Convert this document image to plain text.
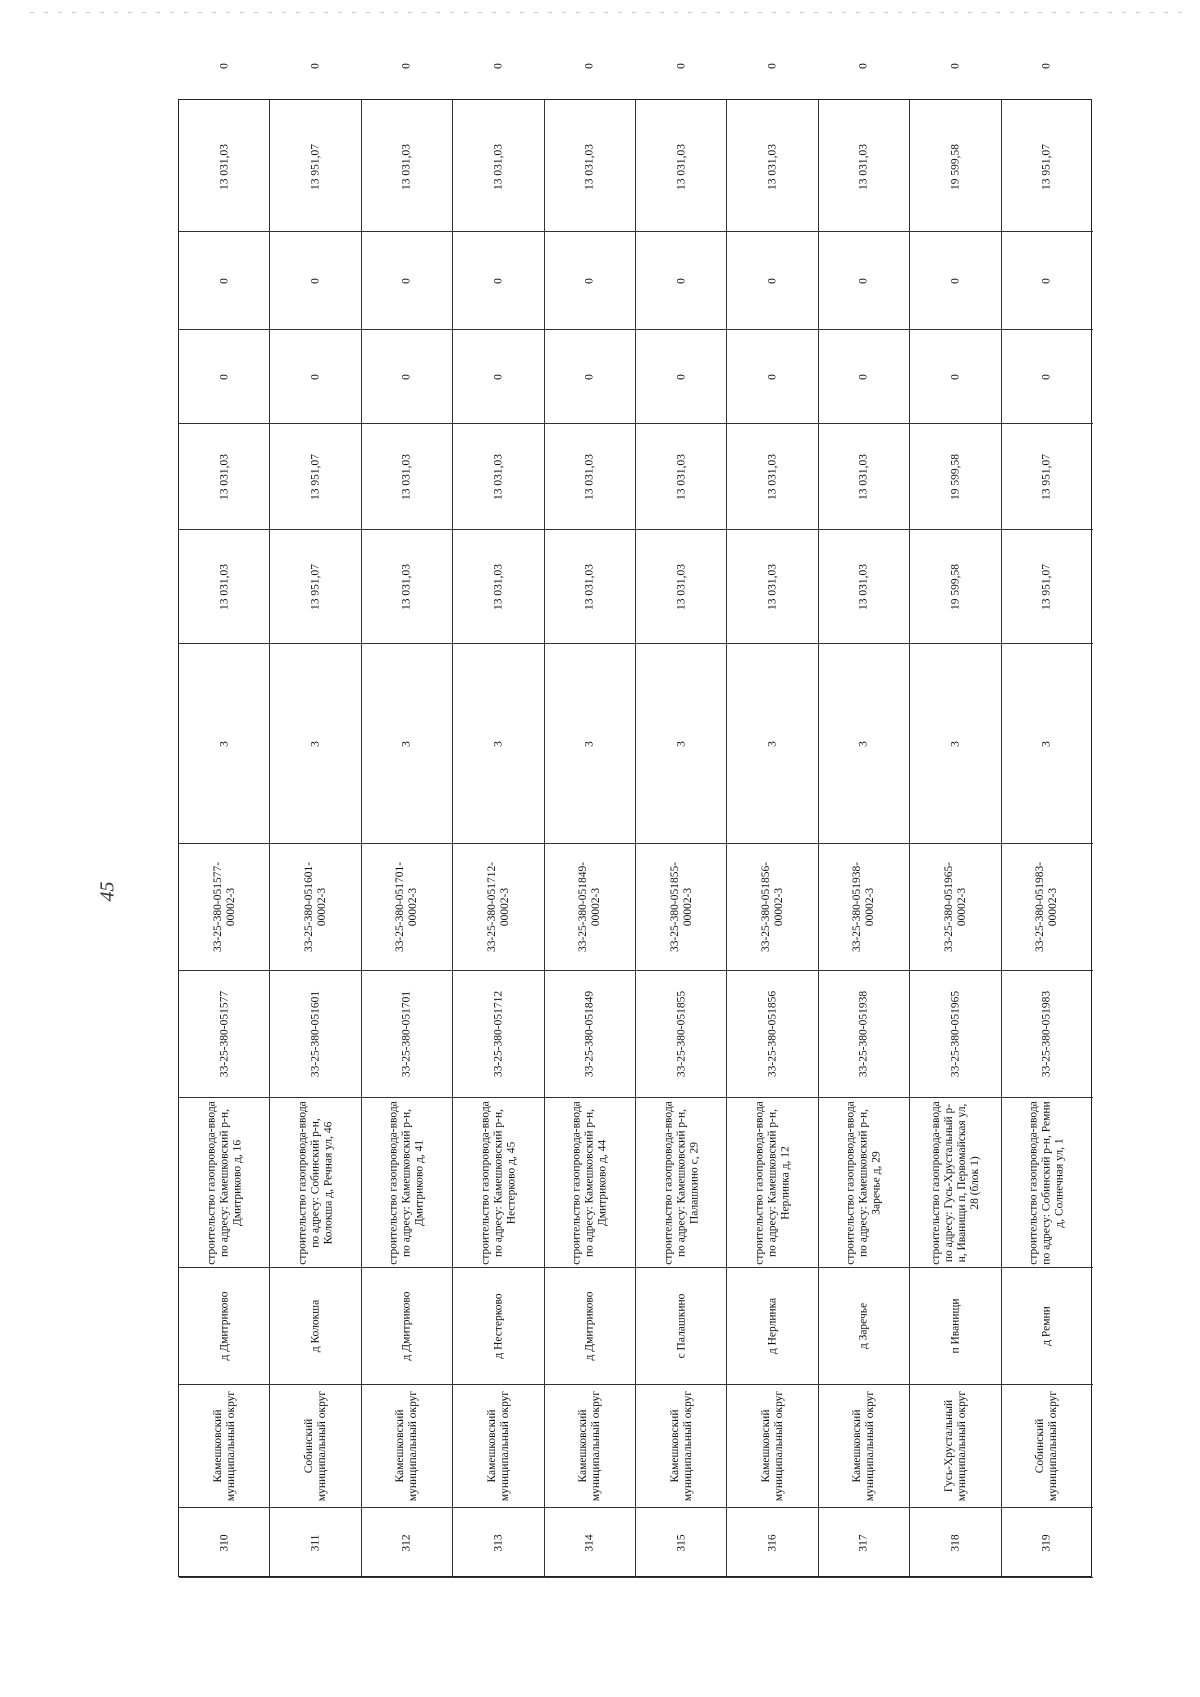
45
310
Камешковский муниципальный округ
д Дмитриково
строительство газопровода-ввода по адресу: Камешковский р-н, Дмитриково д, 16
33-25-380-051577
33-25-380-051577-00002-3
3
13 031,03
13 031,03
0
0
13 031,03
0
311
Собинский муниципальный округ
д Колокша
строительство газопровода-ввода по адресу: Собинский р-н, Колокша д, Речная ул, 46
33-25-380-051601
33-25-380-051601-00002-3
3
13 951,07
13 951,07
0
0
13 951,07
0
312
Камешковский муниципальный округ
д Дмитриково
строительство газопровода-ввода по адресу: Камешковский р-н, Дмитриково д, 41
33-25-380-051701
33-25-380-051701-00002-3
3
13 031,03
13 031,03
0
0
13 031,03
0
313
Камешковский муниципальный округ
д Нестерково
строительство газопровода-ввода по адресу: Камешковский р-н, Нестерково д, 45
33-25-380-051712
33-25-380-051712-00002-3
3
13 031,03
13 031,03
0
0
13 031,03
0
314
Камешковский муниципальный округ
д Дмитриково
строительство газопровода-ввода по адресу: Камешковский р-н, Дмитриково д, 44
33-25-380-051849
33-25-380-051849-00002-3
3
13 031,03
13 031,03
0
0
13 031,03
0
315
Камешковский муниципальный округ
с Палашкино
строительство газопровода-ввода по адресу: Камешковский р-н, Палашкино с, 29
33-25-380-051855
33-25-380-051855-00002-3
3
13 031,03
13 031,03
0
0
13 031,03
0
316
Камешковский муниципальный округ
д Нерлинка
строительство газопровода-ввода по адресу: Камешковский р-н, Нерлинка д, 12
33-25-380-051856
33-25-380-051856-00002-3
3
13 031,03
13 031,03
0
0
13 031,03
0
317
Камешковский муниципальный округ
д Заречье
строительство газопровода-ввода по адресу: Камешковский р-н, Заречье д, 29
33-25-380-051938
33-25-380-051938-00002-3
3
13 031,03
13 031,03
0
0
13 031,03
0
318
Гусь-Хрустальный муниципальный округ
п Иванищи
строительство газопровода-ввода по адресу: Гусь-Хрустальный р-н, Иванищи п, Первомайская ул, 28 (блок 1)
33-25-380-051965
33-25-380-051965-00002-3
3
19 599,58
19 599,58
0
0
19 599,58
0
319
Собинский муниципальный округ
д Ремни
строительство газопровода-ввода по адресу: Собинский р-н, Ремни д, Солнечная ул, 1
33-25-380-051983
33-25-380-051983-00002-3
3
13 951,07
13 951,07
0
0
13 951,07
0
